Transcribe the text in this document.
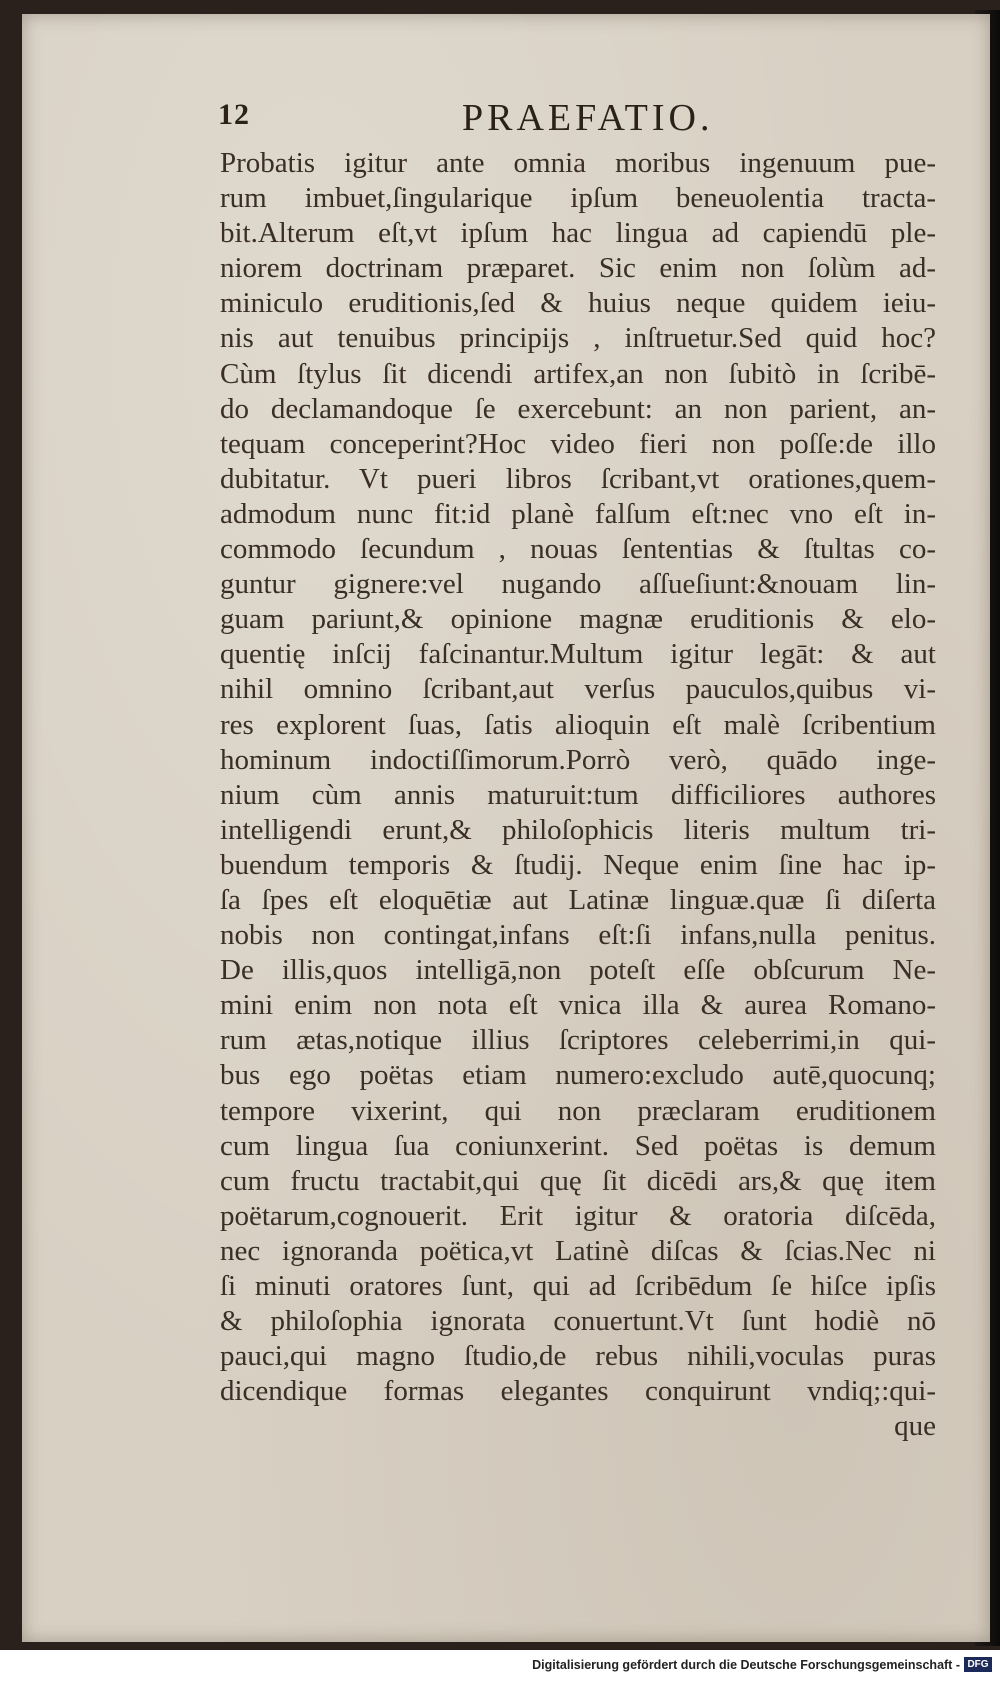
12	PRAEFATIO.
Probatis igitur ante omnia moribus ingenuum pue-
rum imbuet,ſingularique ipſum beneuolentia tracta-
bit.Alterum eſt,vt ipſum hac lingua ad capiendū ple-
niorem doctrinam præparet. Sic enim non ſolùm ad-
miniculo eruditionis,ſed & huius neque quidem ieiu-
nis aut tenuibus principijs , inſtruetur.Sed quid hoc?
Cùm ſtylus ſit dicendi artifex,an non ſubitò in ſcribē-
do declamandoque ſe exercebunt: an non parient, an-
tequam conceperint?Hoc video fieri non poſſe:de illo
dubitatur. Vt pueri libros ſcribant,vt orationes,quem-
admodum nunc fit:id planè falſum eſt:nec vno eſt in-
commodo ſecundum , nouas ſententias & ſtultas co-
guntur gignere:vel nugando aſſueſiunt:&nouam lin-
guam pariunt,& opinione magnæ eruditionis & elo-
quentię inſcij faſcinantur.Multum igitur legāt: & aut
nihil omnino ſcribant,aut verſus pauculos,quibus vi-
res explorent ſuas, ſatis alioquin eſt malè ſcribentium
hominum indoctiſſimorum.Porrò verò, quādo inge-
nium cùm annis maturuit:tum difficiliores authores
intelligendi erunt,& philoſophicis literis multum tri-
buendum temporis & ſtudij. Neque enim ſine hac ip-
ſa ſpes eſt eloquētiæ aut Latinæ linguæ.quæ ſi diſerta
nobis non contingat,infans eſt:ſi infans,nulla penitus.
De illis,quos intelligā,non poteſt eſſe obſcurum Ne-
mini enim non nota eſt vnica illa & aurea Romano-
rum ætas,notique illius ſcriptores celeberrimi,in qui-
bus ego poëtas etiam numero:excludo autē,quocunq;
tempore vixerint, qui non præclaram eruditionem
cum lingua ſua coniunxerint. Sed poëtas is demum
cum fructu tractabit,qui quę ſit dicēdi ars,& quę item
poëtarum,cognouerit. Erit igitur & oratoria diſcēda,
nec ignoranda poëtica,vt Latinè diſcas & ſcias.Nec ni
ſi minuti oratores ſunt, qui ad ſcribēdum ſe hiſce ipſis
& philoſophia ignorata conuertunt.Vt ſunt hodiè nō
pauci,qui magno ſtudio,de rebus nihili,voculas puras
dicendique formas elegantes conquirunt vndiq;:qui-
que
Digitalisierung gefördert durch die Deutsche Forschungsgemeinschaft - DFG
